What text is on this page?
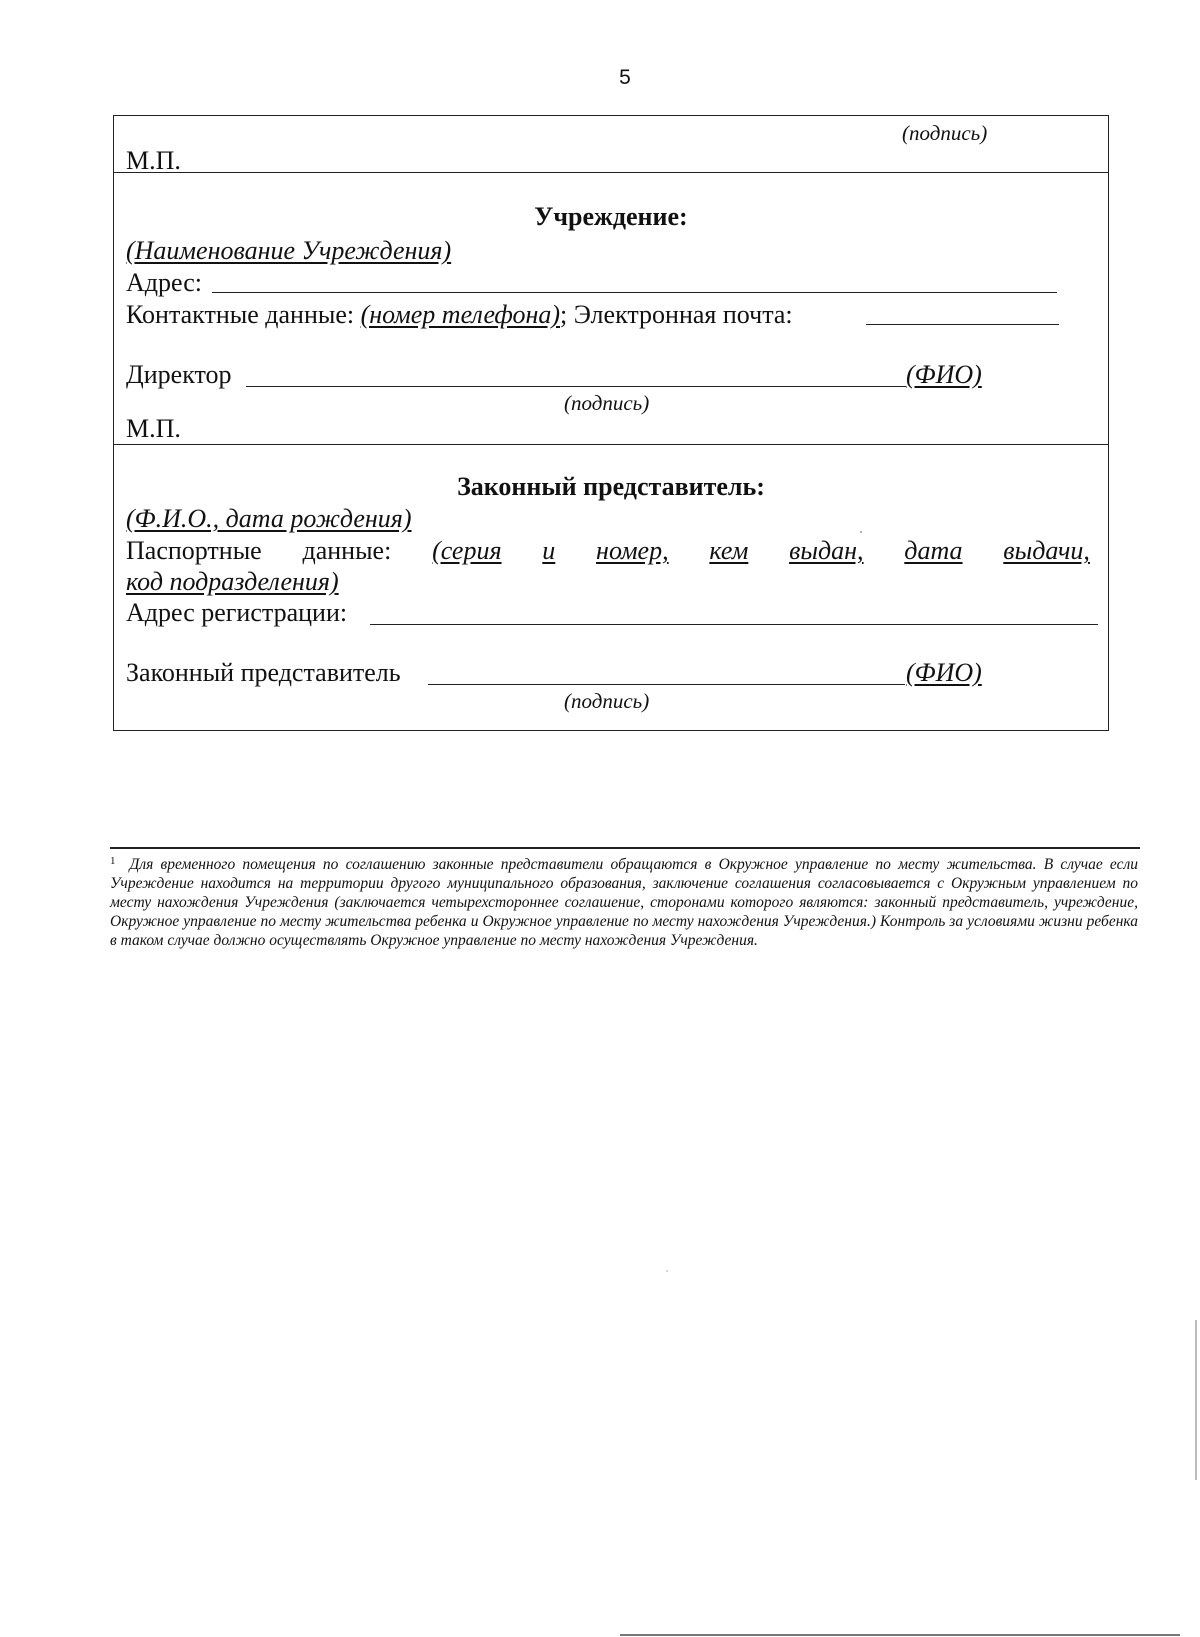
5
(подпись)
М.П.
Учреждение:
(Наименование Учреждения)
Адрес:
Контактные данные: (номер телефона); Электронная почта:
Директор	(ФИО)
(подпись)
М.П.
Законный представитель:
(Ф.И.О., дата рождения)
Паспортные данные: (серия и номер, кем выдан, дата выдачи,
код подразделения)
Адрес регистрации:
Законный представитель	(ФИО)
(подпись)
$^1$ Для временного помещения по соглашению законные представители обращаются в Окружное управление по месту жительства. В случае если Учреждение находится на территории другого муниципального образования, заключение соглашения согласовывается с Окружным управлением по месту нахождения Учреждения (заключается четырехстороннее соглашение, сторонами которого являются: законный представитель, учреждение, Окружное управление по месту жительства ребенка и Окружное управление по месту нахождения Учреждения.) Контроль за условиями жизни ребенка в таком случае должно осуществлять Окружное управление по месту нахождения Учреждения.
